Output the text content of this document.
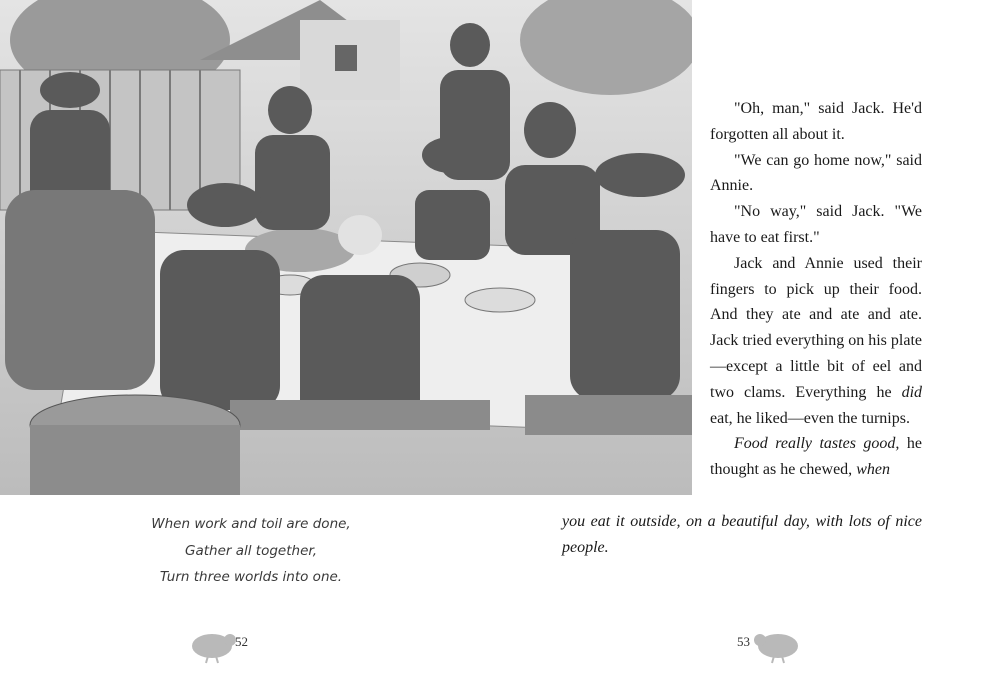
When work and toil are done,
Gather all together,
Turn three worlds into one.

"Oh, man," said Jack. He'd forgotten all about it.

"We can go home now," said Annie.

"No way," said Jack. "We have to eat first."

Jack and Annie used their fingers to pick up their food. And they ate and ate and ate. Jack tried everything on his plate—except a little bit of eel and two clams. Everything he did eat, he liked—even the turnips.

Food really tastes good, he thought as he chewed, when

you eat it outside, on a beautiful day, with lots of nice people.
52	53
